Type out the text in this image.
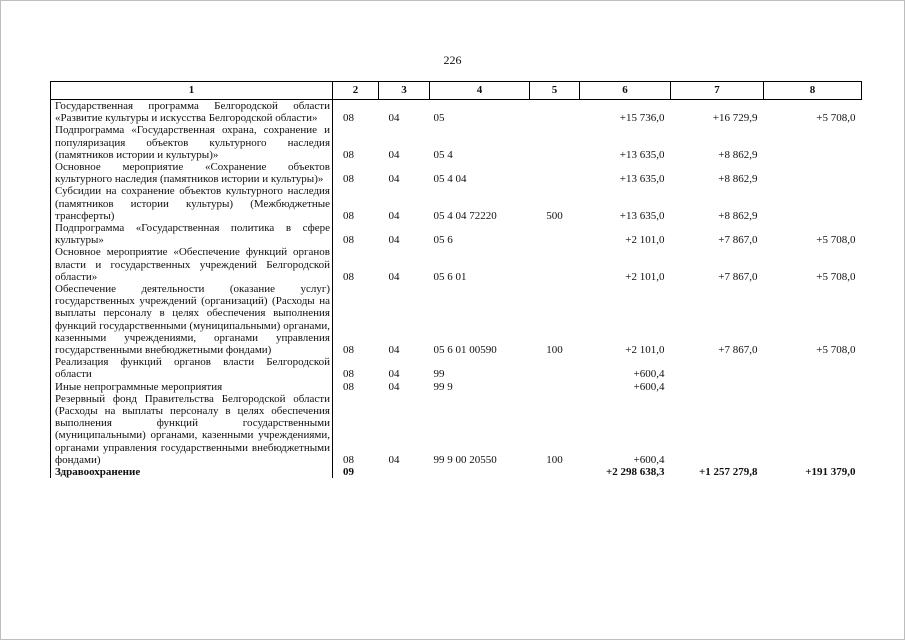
226
1	2	3	4	5	6	7	8
Государственная программа Белгородской области «Развитие культуры и искусства Белгородской области»	08	04	05		+15 736,0	+16 729,9	+5 708,0
Подпрограмма «Государственная охрана, сохранение и популяризация объектов культурного наследия (памятников истории и культуры)»	08	04	05 4		+13 635,0	+8 862,9	
Основное мероприятие «Сохранение объектов культурного наследия (памятников истории и культуры)»	08	04	05 4 04		+13 635,0	+8 862,9	
Субсидии на сохранение объектов культурного наследия (памятников истории культуры) (Межбюджетные трансферты)	08	04	05 4 04 72220	500	+13 635,0	+8 862,9	
Подпрограмма «Государственная политика в сфере культуры»	08	04	05 6		+2 101,0	+7 867,0	+5 708,0
Основное мероприятие «Обеспечение функций органов власти и государственных учреждений Белгородской области»	08	04	05 6 01		+2 101,0	+7 867,0	+5 708,0
Обеспечение деятельности (оказание услуг) государственных учреждений (организаций) (Расходы на выплаты персоналу в целях обеспечения выполнения функций государственными (муниципальными) органами, казенными учреждениями, органами управления государственными внебюджетными фондами)	08	04	05 6 01 00590	100	+2 101,0	+7 867,0	+5 708,0
Реализация функций органов власти Белгородской области	08	04	99		+600,4		
Иные непрограммные мероприятия	08	04	99 9		+600,4		
Резервный фонд Правительства Белгородской области (Расходы на выплаты персоналу в целях обеспечения выполнения функций государственными (муниципальными) органами, казенными учреждениями, органами управления государственными внебюджетными фондами)	08	04	99 9 00 20550	100	+600,4		
Здравоохранение	09				+2 298 638,3	+1 257 279,8	+191 379,0
